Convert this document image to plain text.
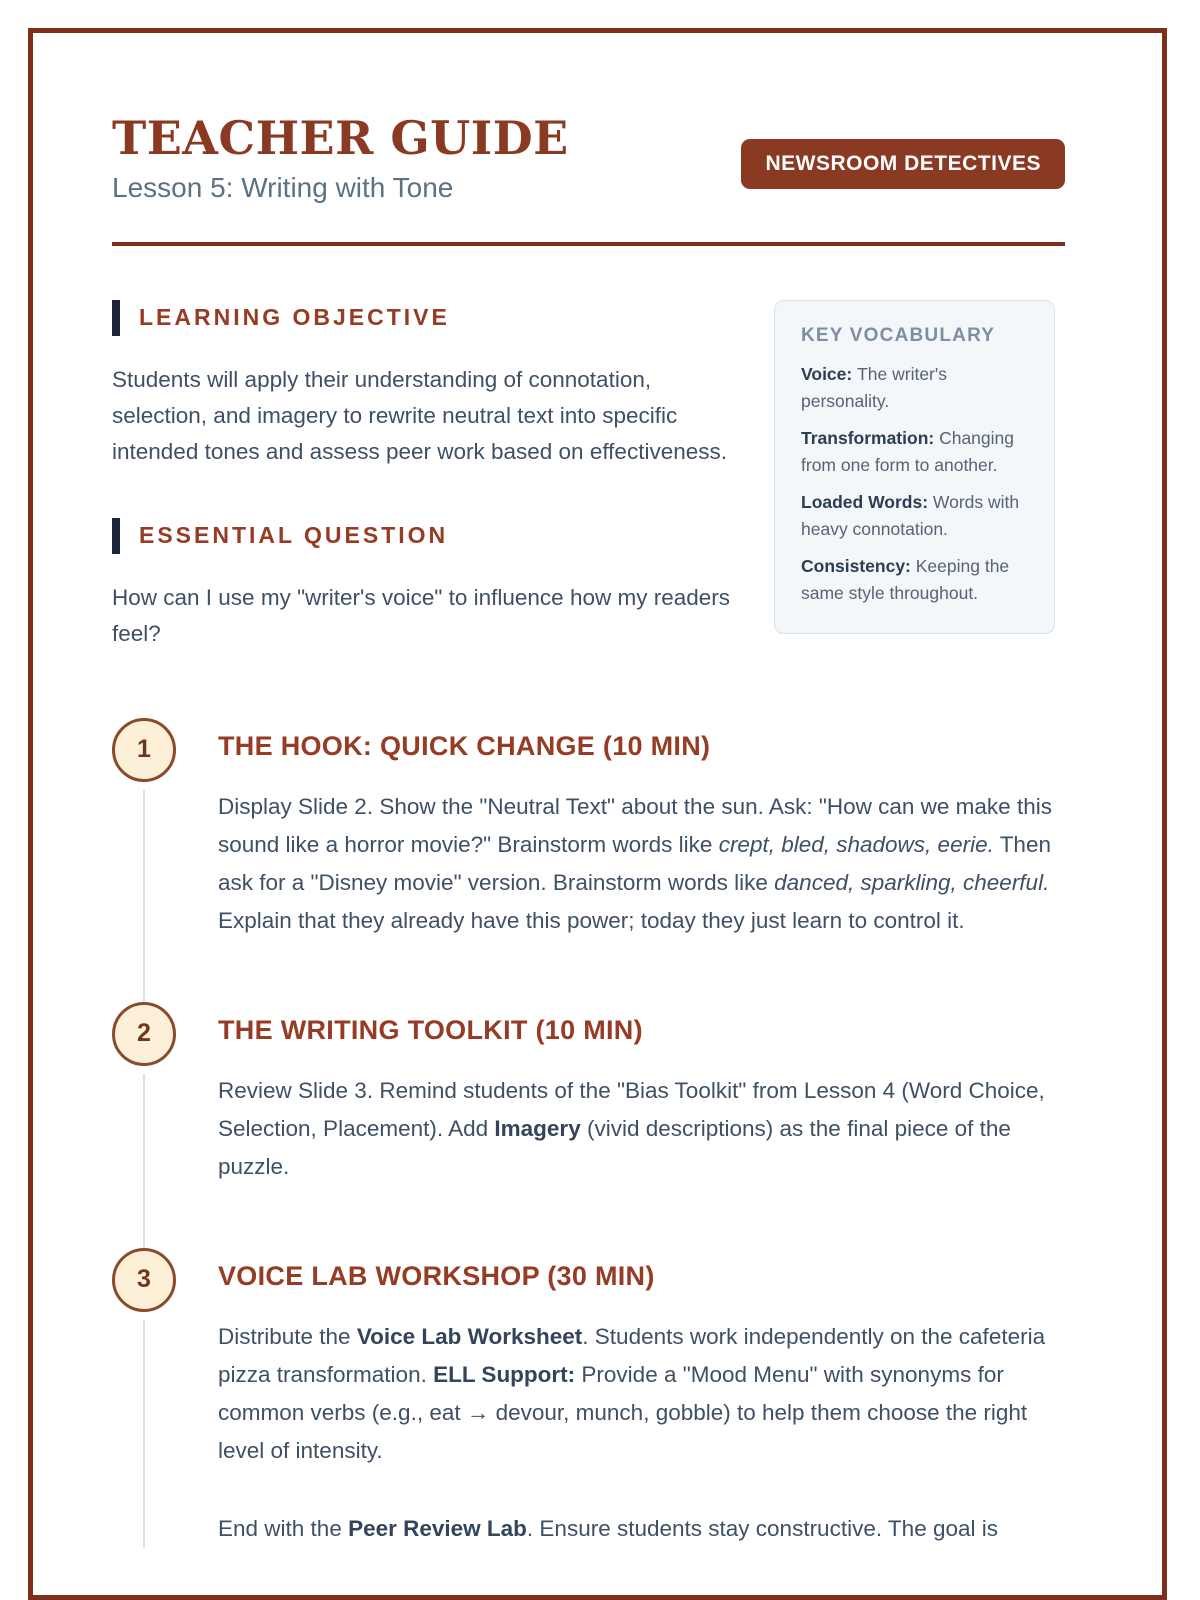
TEACHER GUIDE
Lesson 5: Writing with Tone
NEWSROOM DETECTIVES
LEARNING OBJECTIVE

Students will apply their understanding of connotation, selection, and imagery to rewrite neutral text into specific intended tones and assess peer work based on effectiveness.

ESSENTIAL QUESTION

How can I use my "writer's voice" to influence how my readers feel?

KEY VOCABULARY

Voice: The writer's personality.

Transformation: Changing from one form to another.

Loaded Words: Words with heavy connotation.

Consistency: Keeping the same style throughout.

1	THE HOOK: QUICK CHANGE (10 MIN)

Display Slide 2. Show the "Neutral Text" about the sun. Ask: "How can we make this sound like a horror movie?" Brainstorm words like crept, bled, shadows, eerie. Then ask for a "Disney movie" version. Brainstorm words like danced, sparkling, cheerful. Explain that they already have this power; today they just learn to control it.

2	THE WRITING TOOLKIT (10 MIN)

Review Slide 3. Remind students of the "Bias Toolkit" from Lesson 4 (Word Choice, Selection, Placement). Add Imagery (vivid descriptions) as the final piece of the puzzle.

3	VOICE LAB WORKSHOP (30 MIN)

Distribute the Voice Lab Worksheet. Students work independently on the cafeteria pizza transformation. ELL Support: Provide a "Mood Menu" with synonyms for common verbs (e.g., eat → devour, munch, gobble) to help them choose the right level of intensity.

End with the Peer Review Lab. Ensure students stay constructive. The goal is
